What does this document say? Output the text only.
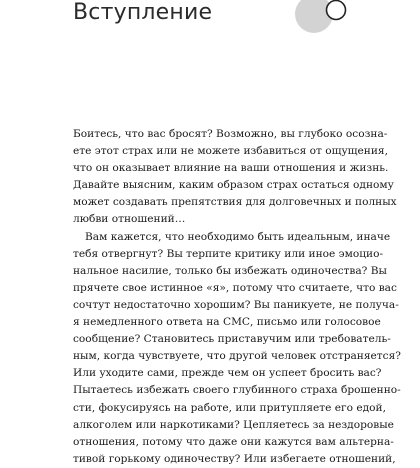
Вступление
Боитесь, что вас бросят? Возможно, вы глубоко осозна-
ете этот страх или не можете избавиться от ощущения,
что он оказывает влияние на ваши отношения и жизнь.
Давайте выясним, каким образом страх остаться одному
может создавать препятствия для долговечных и полных
любви отношений…
Вам кажется, что необходимо быть идеальным, иначе
тебя отвергнут? Вы терпите критику или иное эмоцио-
нальное насилие, только бы избежать одиночества? Вы
прячете свое истинное «я», потому что считаете, что вас
сочтут недостаточно хорошим? Вы паникуете, не получа-
я немедленного ответа на СМС, письмо или голосовое
сообщение? Становитесь приставучим или требователь-
ным, когда чувствуете, что другой человек отстраняется?
Или уходите сами, прежде чем он успеет бросить вас?
Пытаетесь избежать своего глубинного страха брошенно-
сти, фокусируясь на работе, или притупляете его едой,
алкоголем или наркотиками? Цепляетесь за нездоровые
отношения, потому что даже они кажутся вам альтерна-
тивой горькому одиночеству? Или избегаете отношений,
